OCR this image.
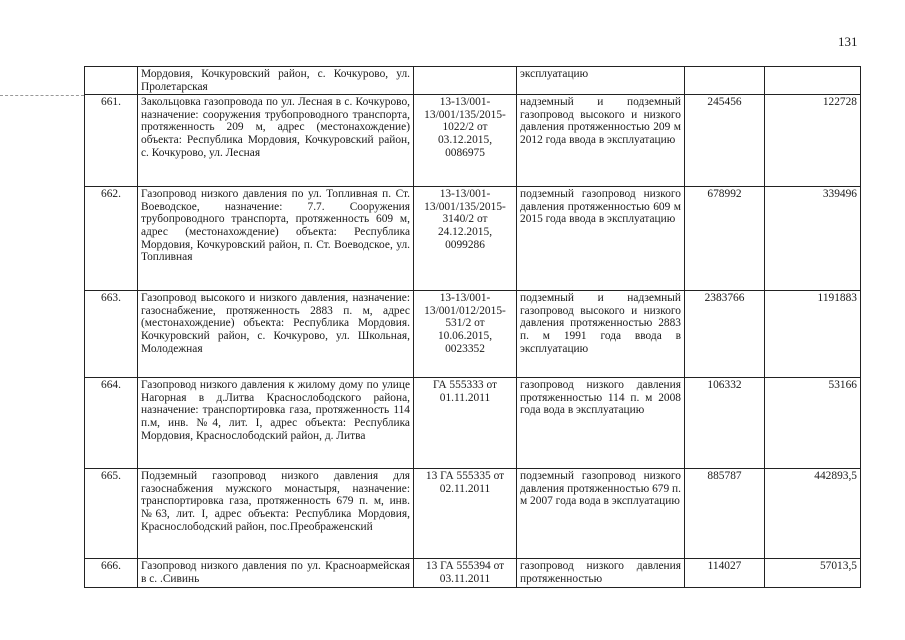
131
	Мордовия, Кочкуровский район, с. Кочкурово, ул. Пролетарская		эксплуатацию		
661.	Закольцовка газопровода по ул. Лесная в с. Кочкурово, назначение: сооружения трубопроводного транспорта, протяженность 209 м, адрес (местонахождение) объекта: Республика Мордовия, Кочкуровский район, с. Кочкурово, ул. Лесная	13-13/001-13/001/135/2015-1022/2 от 03.12.2015, 0086975	надземный и подземный газопровод высокого и низкого давления протяженностью 209 м 2012 года ввода в эксплуатацию	245456	122728
662.	Газопровод низкого давления по ул. Топливная п. Ст. Воеводское, назначение: 7.7. Сооружения трубопроводного транспорта, протяженность 609 м, адрес (местонахождение) объекта: Республика Мордовия, Кочкуровский район, п. Ст. Воеводское, ул. Топливная	13-13/001-13/001/135/2015-3140/2 от 24.12.2015, 0099286	подземный газопровод низкого давления протяженностью 609 м 2015 года ввода в эксплуатацию	678992	339496
663.	Газопровод высокого и низкого давления, назначение: газоснабжение, протяженность 2883 п. м, адрес (местонахождение) объекта: Республика Мордовия. Кочкуровский район, с. Кочкурово, ул. Школьная, Молодежная	13-13/001-13/001/012/2015-531/2 от 10.06.2015, 0023352	подземный и надземный газопровод высокого и низкого давления протяженностью 2883 п. м 1991 года ввода в эксплуатацию	2383766	1191883
664.	Газопровод низкого давления к жилому дому по улице Нагорная в д.Литва Краснослободского района, назначение: транспортировка газа, протяженность 114 п.м, инв. №4, лит. I, адрес объекта: Республика Мордовия, Краснослободский район, д. Литва	ГА 555333 от 01.11.2011	газопровод низкого давления протяженностью 114 п. м 2008 года вода в эксплуатацию	106332	53166
665.	Подземный газопровод низкого давления для газоснабжения мужского монастыря, назначение: транспортировка газа, протяженность 679 п. м, инв. №63, лит. I, адрес объекта: Республика Мордовия, Краснослободский район, пос.Преображенский	13 ГА 555335 от 02.11.2011	подземный газопровод низкого давления протяженностью 679 п. м 2007 года вода в эксплуатацию	885787	442893,5
666.	Газопровод низкого давления по ул. Красноармейская в с. .Сивинь	13 ГА 555394 от 03.11.2011	газопровод низкого давления протяженностью	114027	57013,5
